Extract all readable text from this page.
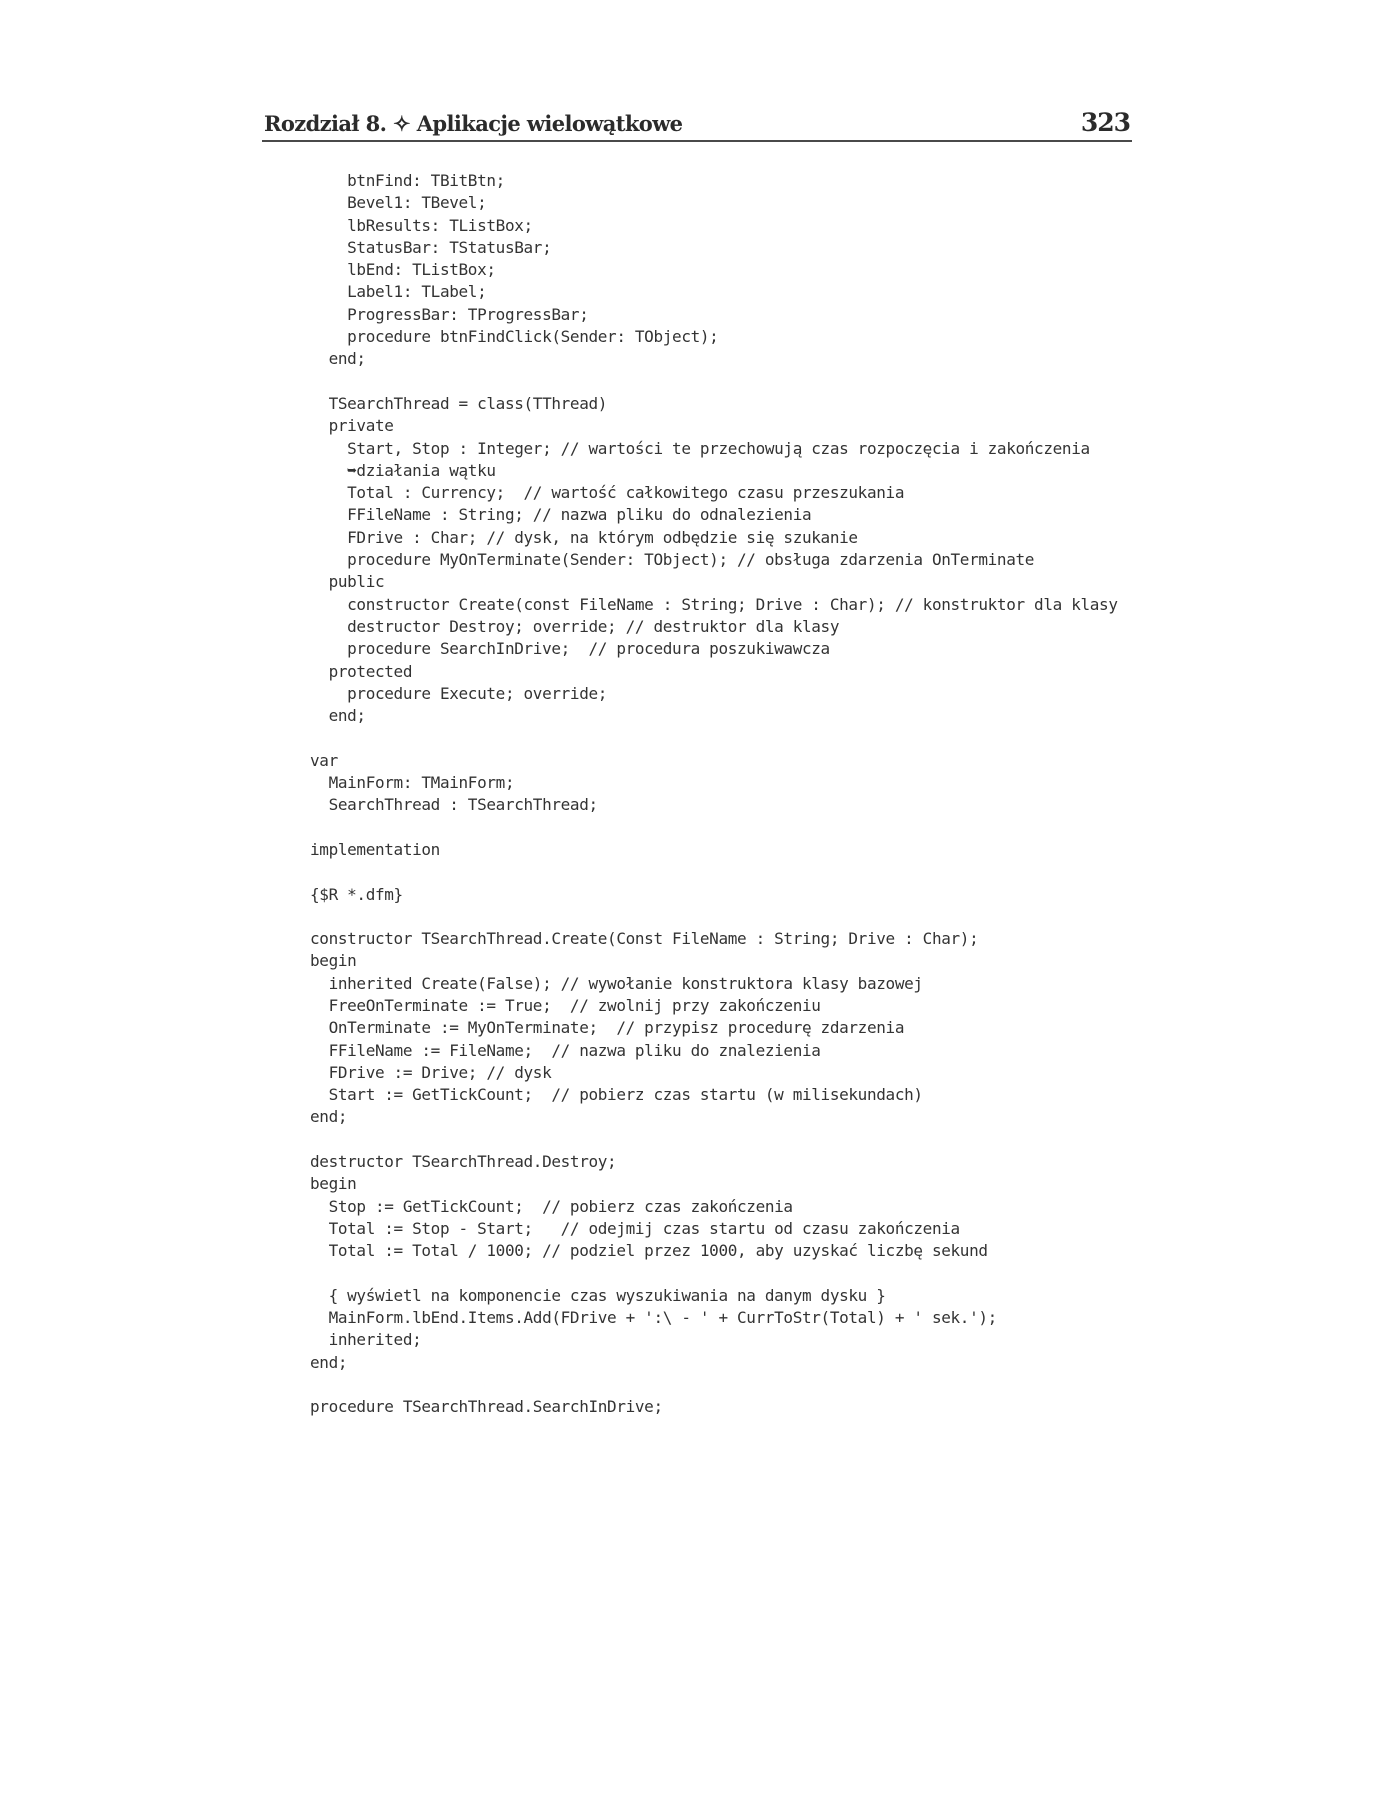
Rozdział 8. ✧ Aplikacje wielowątkowe	323
btnFind: TBitBtn;
Bevel1: TBevel;
lbResults: TListBox;
StatusBar: TStatusBar;
lbEnd: TListBox;
Label1: TLabel;
ProgressBar: TProgressBar;
procedure btnFindClick(Sender: TObject);
end;

TSearchThread = class(TThread)
private
Start, Stop : Integer; // wartości te przechowują czas rozpoczęcia i zakończenia
➥działania wątku
Total : Currency;  // wartość całkowitego czasu przeszukania
FFileName : String; // nazwa pliku do odnalezienia
FDrive : Char; // dysk, na którym odbędzie się szukanie
procedure MyOnTerminate(Sender: TObject); // obsługa zdarzenia OnTerminate
public
constructor Create(const FileName : String; Drive : Char); // konstruktor dla klasy
destructor Destroy; override; // destruktor dla klasy
procedure SearchInDrive;  // procedura poszukiwawcza
protected
procedure Execute; override;
end;

var
MainForm: TMainForm;
SearchThread : TSearchThread;

implementation

{$R *.dfm}

constructor TSearchThread.Create(Const FileName : String; Drive : Char);
begin
inherited Create(False); // wywołanie konstruktora klasy bazowej
FreeOnTerminate := True;  // zwolnij przy zakończeniu
OnTerminate := MyOnTerminate;  // przypisz procedurę zdarzenia
FFileName := FileName;  // nazwa pliku do znalezienia
FDrive := Drive; // dysk
Start := GetTickCount;  // pobierz czas startu (w milisekundach)
end;

destructor TSearchThread.Destroy;
begin
Stop := GetTickCount;  // pobierz czas zakończenia
Total := Stop - Start;   // odejmij czas startu od czasu zakończenia
Total := Total / 1000; // podziel przez 1000, aby uzyskać liczbę sekund

{ wyświetl na komponencie czas wyszukiwania na danym dysku }
MainForm.lbEnd.Items.Add(FDrive + ':\ - ' + CurrToStr(Total) + ' sek.');
inherited;
end;

procedure TSearchThread.SearchInDrive;
